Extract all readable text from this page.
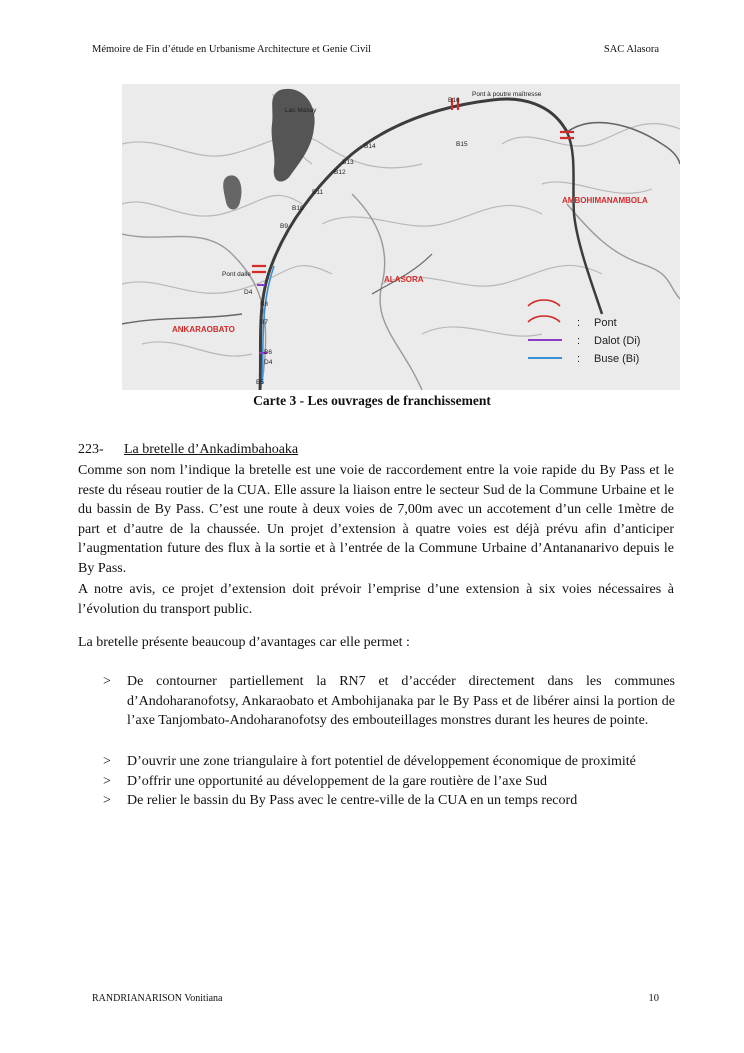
Mémoire de Fin d’étude en Urbanisme Architecture et Genie Civil	SAC Alasora
Lac Masay
Pont à poutre maîtresse
B16
B15
B14
B13
B12
B11
B10
B9
D4
B8
B7
B6
D4
B5
Pont dalle
AMBOHIMANAMBOLA
ALASORA
ANKARAOBATO
: Pont
: Dalot (Di)
: Buse (Bi)
Carte 3 - Les ouvrages de franchissement
223- La bretelle d’Ankadimbahoaka
Comme son nom l’indique la bretelle est une voie de raccordement entre la voie rapide du By Pass et le reste du réseau routier de la CUA. Elle assure la liaison entre le secteur Sud de la Commune Urbaine et le du bassin de By Pass. C’est une route à deux voies de 7,00m avec un accotement d’un celle 1mètre de part et d’autre de la chaussée. Un projet d’extension à quatre voies est déjà prévu afin d’anticiper l’augmentation future des flux à la sortie et à l’entrée de la Commune Urbaine d’Antananarivo depuis le By Pass.
A notre avis, ce projet d’extension doit prévoir l’emprise d’une extension à six voies nécessaires à l’évolution du transport public.
La bretelle présente beaucoup d’avantages car elle permet :
> De contourner partiellement la RN7 et d’accéder directement dans les communes d’Andoharanofotsy, Ankaraobato et Ambohijanaka par le By Pass et de libérer ainsi la portion de l’axe Tanjombato-Andoharanofotsy des embouteillages monstres durant les heures de pointe.
> D’ouvrir une zone triangulaire à fort potentiel de développement économique de proximité
> D’offrir une opportunité au développement de la gare routière de l’axe Sud
> De relier le bassin du By Pass avec le centre-ville de la CUA en un temps record
RANDRIANARISON Vonitiana	10
